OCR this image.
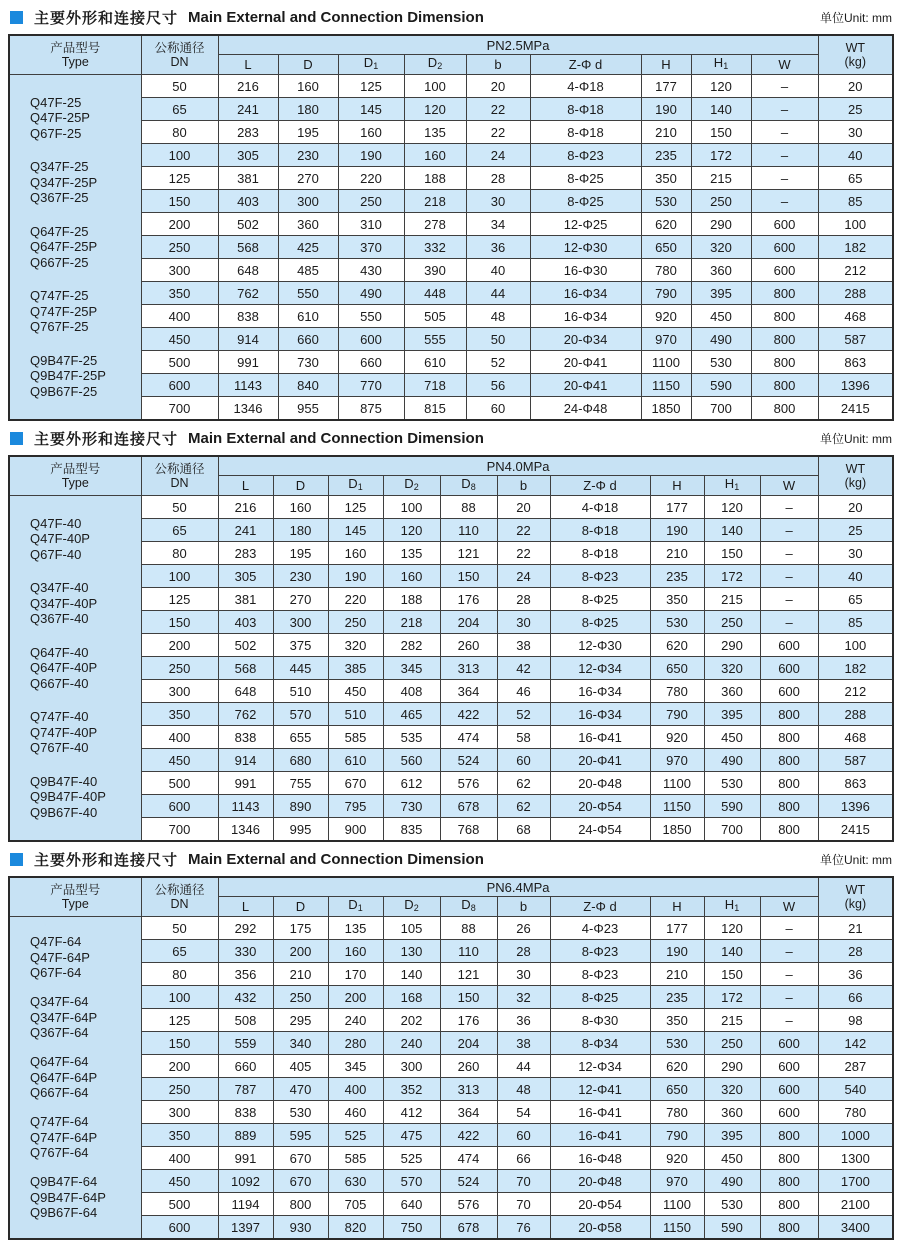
主要外形和连接尺寸 Main External and Connection Dimension	单位Unit: mm
产品型号
Type	公称通径
DN	PN2.5MPa									WT
(kg)
		L	D	$D_1$	$D_2$	b	Z-Φ d	H	$H_1$	W	

Q47F-25
Q47F-25P
Q67F-25
Q347F-25
Q347F-25P
Q367F-25
Q647F-25
Q647F-25P
Q667F-25
Q747F-25
Q747F-25P
Q767F-25
Q9B47F-25
Q9B47F-25P
Q9B67F-25
	50	216	160	125	100	20	4-Φ18	177	120	–	20
	65	241	180	145	120	22	8-Φ18	190	140	–	25
	80	283	195	160	135	22	8-Φ18	210	150	–	30
	100	305	230	190	160	24	8-Φ23	235	172	–	40
	125	381	270	220	188	28	8-Φ25	350	215	–	65
	150	403	300	250	218	30	8-Φ25	530	250	–	85
	200	502	360	310	278	34	12-Φ25	620	290	600	100
	250	568	425	370	332	36	12-Φ30	650	320	600	182
	300	648	485	430	390	40	16-Φ30	780	360	600	212
	350	762	550	490	448	44	16-Φ34	790	395	800	288
	400	838	610	550	505	48	16-Φ34	920	450	800	468
	450	914	660	600	555	50	20-Φ34	970	490	800	587
	500	991	730	660	610	52	20-Φ41	1100	530	800	863
	600	1143	840	770	718	56	20-Φ41	1150	590	800	1396
	700	1346	955	875	815	60	24-Φ48	1850	700	800	2415
主要外形和连接尺寸 Main External and Connection Dimension	单位Unit: mm
产品型号
Type	公称通径
DN	PN4.0MPa										WT
(kg)
		L	D	$D_1$	$D_2$	$D_8$	b	Z-Φ d	H	$H_1$	W	

Q47F-40
Q47F-40P
Q67F-40
Q347F-40
Q347F-40P
Q367F-40
Q647F-40
Q647F-40P
Q667F-40
Q747F-40
Q747F-40P
Q767F-40
Q9B47F-40
Q9B47F-40P
Q9B67F-40
	50	216	160	125	100	88	20	4-Φ18	177	120	–	20
	65	241	180	145	120	110	22	8-Φ18	190	140	–	25
	80	283	195	160	135	121	22	8-Φ18	210	150	–	30
	100	305	230	190	160	150	24	8-Φ23	235	172	–	40
	125	381	270	220	188	176	28	8-Φ25	350	215	–	65
	150	403	300	250	218	204	30	8-Φ25	530	250	–	85
	200	502	375	320	282	260	38	12-Φ30	620	290	600	100
	250	568	445	385	345	313	42	12-Φ34	650	320	600	182
	300	648	510	450	408	364	46	16-Φ34	780	360	600	212
	350	762	570	510	465	422	52	16-Φ34	790	395	800	288
	400	838	655	585	535	474	58	16-Φ41	920	450	800	468
	450	914	680	610	560	524	60	20-Φ41	970	490	800	587
	500	991	755	670	612	576	62	20-Φ48	1100	530	800	863
	600	1143	890	795	730	678	62	20-Φ54	1150	590	800	1396
	700	1346	995	900	835	768	68	24-Φ54	1850	700	800	2415
主要外形和连接尺寸 Main External and Connection Dimension	单位Unit: mm
产品型号
Type	公称通径
DN	PN6.4MPa										WT
(kg)
		L	D	$D_1$	$D_2$	$D_8$	b	Z-Φ d	H	$H_1$	W	

Q47F-64
Q47F-64P
Q67F-64
Q347F-64
Q347F-64P
Q367F-64
Q647F-64
Q647F-64P
Q667F-64
Q747F-64
Q747F-64P
Q767F-64
Q9B47F-64
Q9B47F-64P
Q9B67F-64
	50	292	175	135	105	88	26	4-Φ23	177	120	–	21
	65	330	200	160	130	110	28	8-Φ23	190	140	–	28
	80	356	210	170	140	121	30	8-Φ23	210	150	–	36
	100	432	250	200	168	150	32	8-Φ25	235	172	–	66
	125	508	295	240	202	176	36	8-Φ30	350	215	–	98
	150	559	340	280	240	204	38	8-Φ34	530	250	600	142
	200	660	405	345	300	260	44	12-Φ34	620	290	600	287
	250	787	470	400	352	313	48	12-Φ41	650	320	600	540
	300	838	530	460	412	364	54	16-Φ41	780	360	600	780
	350	889	595	525	475	422	60	16-Φ41	790	395	800	1000
	400	991	670	585	525	474	66	16-Φ48	920	450	800	1300
	450	1092	670	630	570	524	70	20-Φ48	970	490	800	1700
	500	1194	800	705	640	576	70	20-Φ54	1100	530	800	2100
	600	1397	930	820	750	678	76	20-Φ58	1150	590	800	3400
